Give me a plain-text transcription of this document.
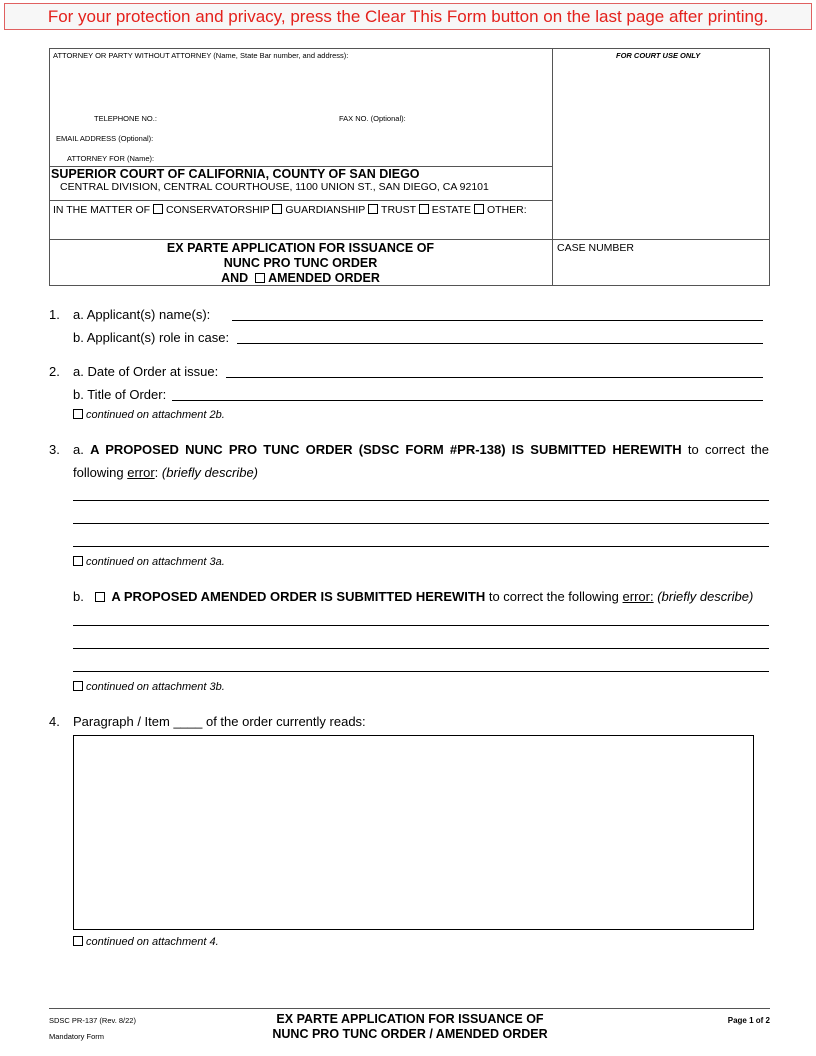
For your protection and privacy, press the Clear This Form button on the last page after printing.
ATTORNEY OR PARTY WITHOUT ATTORNEY (Name, State Bar number, and address):	FOR COURT USE ONLY
TELEPHONE NO.:	FAX NO. (Optional):
EMAIL ADDRESS (Optional):
ATTORNEY FOR (Name):
SUPERIOR COURT OF CALIFORNIA, COUNTY OF SAN DIEGO
CENTRAL DIVISION, CENTRAL COURTHOUSE, 1100 UNION ST., SAN DIEGO, CA 92101
IN THE MATTER OF CONSERVATORSHIP GUARDIANSHIP TRUST ESTATE OTHER:
EX PARTE APPLICATION FOR ISSUANCE OF
NUNC PRO TUNC ORDER
AND AMENDED ORDER
CASE NUMBER
1. a. Applicant(s) name(s):
b. Applicant(s) role in case:
2. a. Date of Order at issue:
b. Title of Order:
continued on attachment 2b.
3. a. A PROPOSED NUNC PRO TUNC ORDER (SDSC FORM #PR-138) IS SUBMITTED HEREWITH to correct the
following error: (briefly describe)
continued on attachment 3a.
b. A PROPOSED AMENDED ORDER IS SUBMITTED HEREWITH to correct the following error: (briefly describe)
continued on attachment 3b.
4. Paragraph / Item ____ of the order currently reads:
continued on attachment 4.
SDSC PR-137 (Rev. 8/22)
Mandatory Form
EX PARTE APPLICATION FOR ISSUANCE OF
NUNC PRO TUNC ORDER / AMENDED ORDER
Page 1 of 2
